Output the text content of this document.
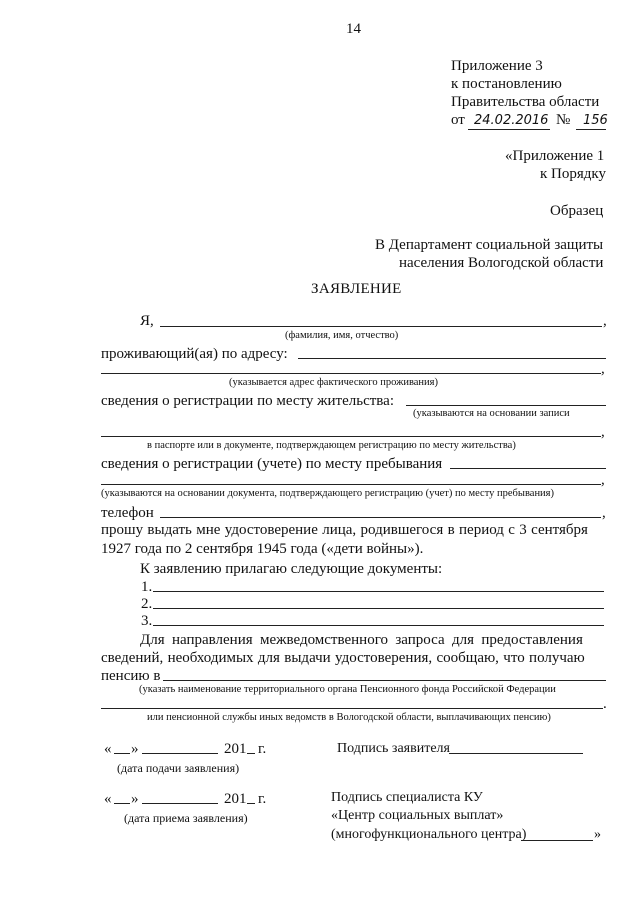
14
Приложение 3
к постановлению
Правительства области
от 24.02.2016 № 156
«Приложение 1
к Порядку
Образец
В Департамент социальной защиты
населения Вологодской области
ЗАЯВЛЕНИЕ
Я,	,
(фамилия, имя, отчество)
проживающий(ая) по адресу:
,
(указывается адрес фактического проживания)
сведения о регистрации по месту жительства:
(указываются на основании записи
,
в паспорте или в документе, подтверждающем регистрацию по месту жительства)
сведения о регистрации (учете) по месту пребывания
,
(указываются на основании документа, подтверждающего регистрацию (учет) по месту пребывания)
телефон	,
прошу выдать мне удостоверение лица, родившегося в период с 3 сентября
1927 года по 2 сентября 1945 года («дети войны»).
К заявлению прилагаю следующие документы:
1.
2.
3.
Для направления межведомственного запроса для предоставления
сведений, необходимых для выдачи удостоверения, сообщаю, что получаю
пенсию в
(указать наименование территориального органа Пенсионного фонда Российской Федерации
.
или пенсионной службы иных ведомств в Вологодской области, выплачивающих пенсию)
« »	201 г.
(дата подачи заявления)
Подпись заявителя
« »	201 г.
(дата приема заявления)
Подпись специалиста КУ
«Центр социальных выплат»
(многофункционального центра)	»
